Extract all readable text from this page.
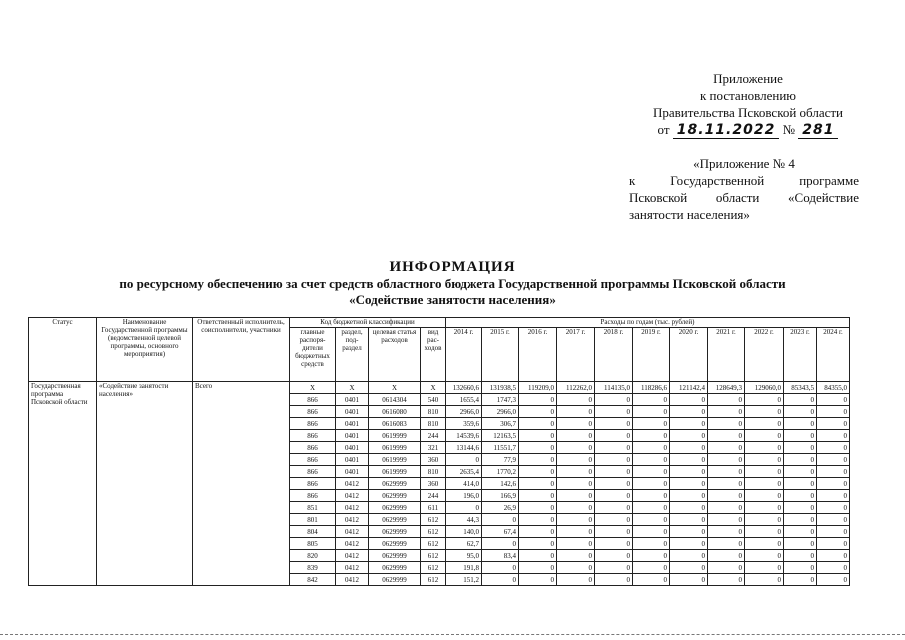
Приложение
к постановлению
Правительства Псковской области
от 18.11.2022 № 281
«Приложение № 4
к Государственной программе
Псковской области «Содействие
занятости населения»
ИНФОРМАЦИЯ
по ресурсному обеспечению за счет средств областного бюджета Государственной программы Псковской области
«Содействие занятости населения»
Статус	Наименование Государственной программы (ведомственной целевой программы, основного мероприятия)	Ответственный исполнитель, соисполнители, участники	Код бюджетной классификации				Расходы по годам (тыс. рублей)										
			главные распоря-дители бюджетных средств	раздел, под-раздел	целевая статья расходов	вид рас-ходов	2014 г.	2015 г.	2016 г.	2017 г.	2018 г.	2019 г.	2020 г.	2021 г.	2022 г.	2023 г.	2024 г.
Государственная программа Псковской области	«Содействие занятости населения»	Всего	X	X	X	X	132660,6	131938,5	119209,0	112262,0	114135,0	118286,6	121142,4	128649,3	129060,0	85343,5	84355,0
			866	0401	0614304	540	1655,4	1747,3	0	0	0	0	0	0	0	0	0
			866	0401	0616080	810	2966,0	2966,0	0	0	0	0	0	0	0	0	0
			866	0401	0616083	810	359,6	306,7	0	0	0	0	0	0	0	0	0
			866	0401	0619999	244	14539,6	12163,5	0	0	0	0	0	0	0	0	0
			866	0401	0619999	321	13144,6	11551,7	0	0	0	0	0	0	0	0	0
			866	0401	0619999	360	0	77,9	0	0	0	0	0	0	0	0	0
			866	0401	0619999	810	2635,4	1770,2	0	0	0	0	0	0	0	0	0
			866	0412	0629999	360	414,0	142,6	0	0	0	0	0	0	0	0	0
			866	0412	0629999	244	196,0	166,9	0	0	0	0	0	0	0	0	0
			851	0412	0629999	611	0	26,9	0	0	0	0	0	0	0	0	0
			801	0412	0629999	612	44,3	0	0	0	0	0	0	0	0	0	0
			804	0412	0629999	612	140,0	67,4	0	0	0	0	0	0	0	0	0
			805	0412	0629999	612	62,7	0	0	0	0	0	0	0	0	0	0
			820	0412	0629999	612	95,0	83,4	0	0	0	0	0	0	0	0	0
			839	0412	0629999	612	191,8	0	0	0	0	0	0	0	0	0	0
			842	0412	0629999	612	151,2	0	0	0	0	0	0	0	0	0	0
